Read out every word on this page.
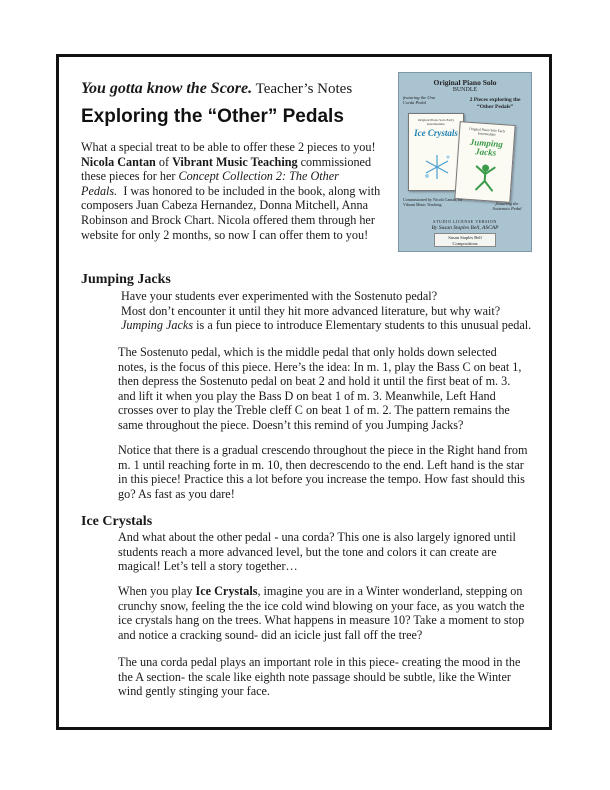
You gotta know the Score. Teacher’s Notes
Exploring the “Other” Pedals
What a special treat to be able to offer these 2 pieces to you! Nicola Cantan of Vibrant Music Teaching commissioned these pieces for her Concept Collection 2: The Other Pedals. I was honored to be included in the book, along with composers Juan Cabeza Hernandez, Donna Mitchell, Anna Robinson and Brock Chart. Nicola offered them through her website for only 2 months, so now I can offer them to you!
Original Piano Solo
BUNDLE
featuring the Una Corda Pedal	2 Pieces exploring the “Other Pedals”
Original Piano Solo Early Intermediate
Ice Crystals	Original Piano Solo Early Intermediate
Jumping Jacks
Commissioned by Nicola Cantan, for Vibrant Music Teaching	featuring the Sostenuto Pedal
STUDIO LICENSE VERSION
By Susan Staples Bell, ASCAP
Susan Staples Bell
Compositions
Jumping Jacks
Have your students ever experimented with the Sostenuto pedal?
Most don’t encounter it until they hit more advanced literature, but why wait?
Jumping Jacks is a fun piece to introduce Elementary students to this unusual pedal.
The Sostenuto pedal, which is the middle pedal that only holds down selected notes, is the focus of this piece. Here’s the idea: In m. 1, play the Bass C on beat 1, then depress the Sostenuto pedal on beat 2 and hold it until the first beat of m. 3. and lift it when you play the Bass D on beat 1 of m. 3. Meanwhile, Left Hand crosses over to play the Treble cleff C on beat 1 of m. 2. The pattern remains the same throughout the piece. Doesn’t this remind of you Jumping Jacks?
Notice that there is a gradual crescendo throughout the piece in the Right hand from m. 1 until reaching forte in m. 10, then decrescendo to the end. Left hand is the star in this piece! Practice this a lot before you increase the tempo. How fast should this go? As fast as you dare!
Ice Crystals
And what about the other pedal - una corda? This one is also largely ignored until students reach a more advanced level, but the tone and colors it can create are magical! Let’s tell a story together…
When you play Ice Crystals, imagine you are in a Winter wonderland, stepping on crunchy snow, feeling the the ice cold wind blowing on your face, as you watch the ice crystals hang on the trees. What happens in measure 10? Take a moment to stop and notice a cracking sound- did an icicle just fall off the tree?
The una corda pedal plays an important role in this piece- creating the mood in the the A section- the scale like eighth note passage should be subtle, like the Winter wind gently stinging your face.
